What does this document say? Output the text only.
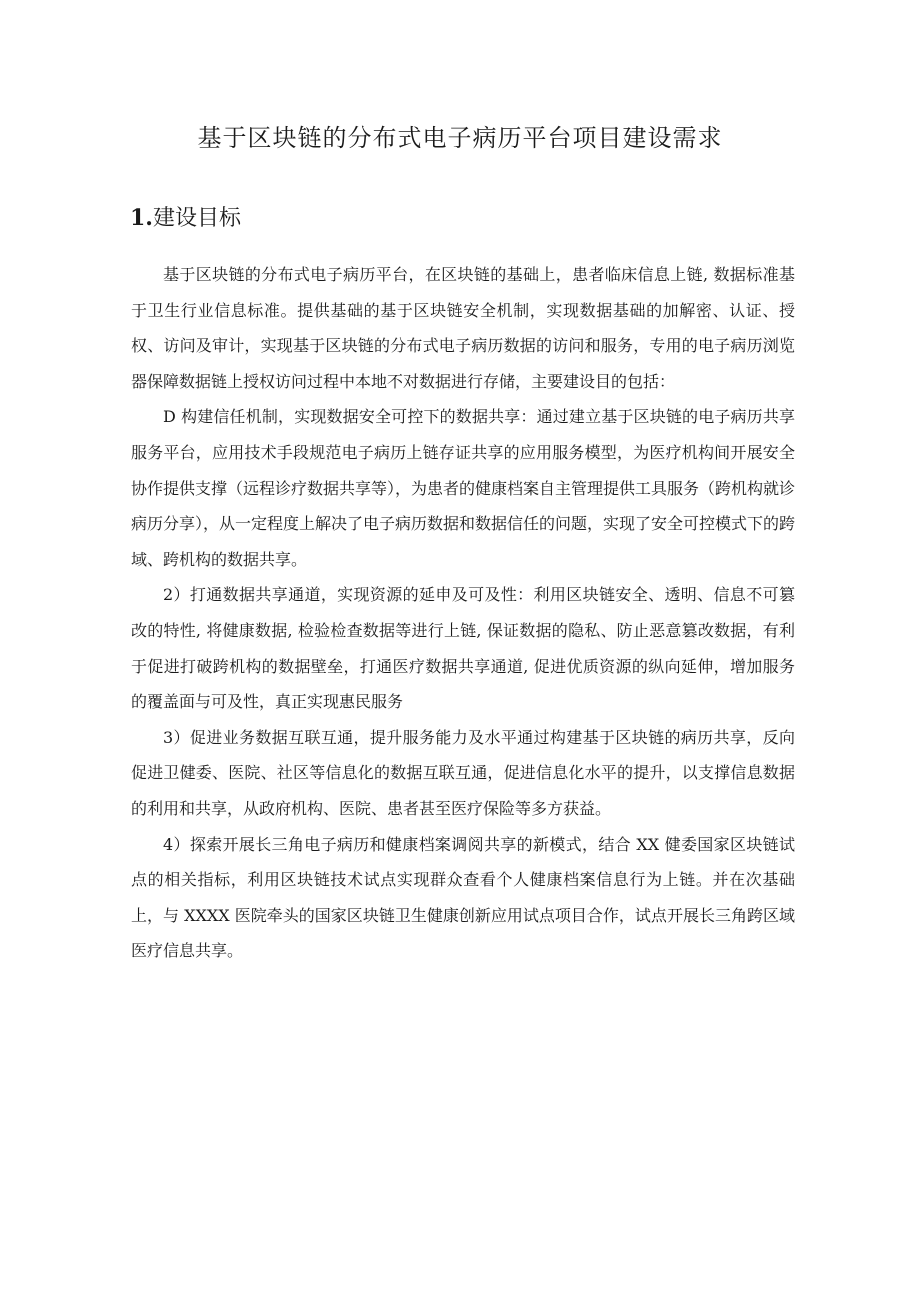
基于区块链的分布式电子病历平台项目建设需求
1.建设目标

基于区块链的分布式电子病历平台，在区块链的基础上，患者临床信息上链, 数据标准基于卫生行业信息标准。提供基础的基于区块链安全机制，实现数据基础的加解密、认证、授权、访问及审计，实现基于区块链的分布式电子病历数据的访问和服务，专用的电子病历浏览器保障数据链上授权访问过程中本地不对数据进行存储，主要建设目的包括：

D 构建信任机制，实现数据安全可控下的数据共享：通过建立基于区块链的电子病历共享服务平台，应用技术手段规范电子病历上链存证共享的应用服务模型，为医疗机构间开展安全协作提供支撑（远程诊疗数据共享等），为患者的健康档案自主管理提供工具服务（跨机构就诊病历分享），从一定程度上解决了电子病历数据和数据信任的问题，实现了安全可控模式下的跨域、跨机构的数据共享。

2）打通数据共享通道，实现资源的延申及可及性：利用区块链安全、透明、信息不可篡改的特性, 将健康数据, 检验检查数据等进行上链, 保证数据的隐私、防止恶意篡改数据，有利于促进打破跨机构的数据壁垒，打通医疗数据共享通道, 促进优质资源的纵向延伸，增加服务的覆盖面与可及性，真正实现惠民服务

3）促进业务数据互联互通，提升服务能力及水平通过构建基于区块链的病历共享，反向促进卫健委、医院、社区等信息化的数据互联互通，促进信息化水平的提升，以支撑信息数据的利用和共享，从政府机构、医院、患者甚至医疗保险等多方获益。

4）探索开展长三角电子病历和健康档案调阅共享的新模式，结合 XX 健委国家区块链试点的相关指标，利用区块链技术试点实现群众查看个人健康档案信息行为上链。并在次基础上，与 XXXX 医院牵头的国家区块链卫生健康创新应用试点项目合作，试点开展长三角跨区域医疗信息共享。
